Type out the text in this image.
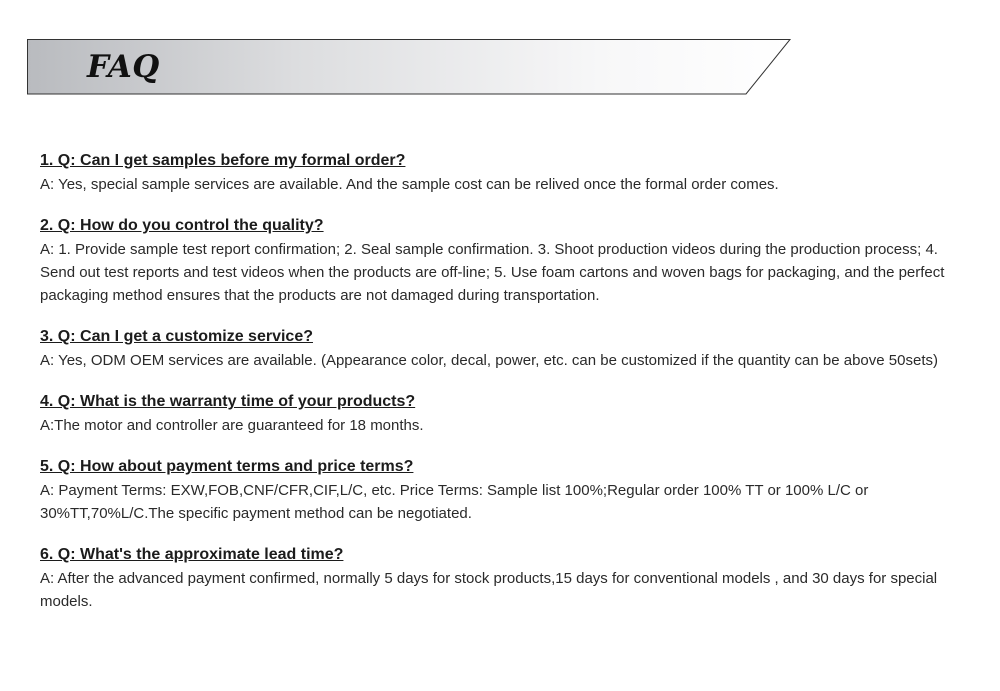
FAQ
1. Q: Can I get samples before my formal order?

A: Yes, special sample services are available. And the sample cost can be relived once the formal order comes.

2. Q: How do you control the quality?

A: 1. Provide sample test report confirmation; 2. Seal sample confirmation. 3. Shoot production videos during the production process; 4. Send out test reports and test videos when the products are off-line; 5. Use foam cartons and woven bags for packaging, and the perfect packaging method ensures that the products are not damaged during transportation.

3. Q: Can I get a customize service?

A: Yes, ODM OEM services are available. (Appearance color, decal, power, etc. can be customized if the quantity can be above 50sets)

4. Q: What is the warranty time of your products?

A:The motor and controller are guaranteed for 18 months.

5. Q: How about payment terms and price terms?

A: Payment Terms: EXW,FOB,CNF/CFR,CIF,L/C, etc. Price Terms: Sample list 100%;Regular order 100% TT or 100% L/C or 30%TT,70%L/C.The specific payment method can be negotiated.

6. Q: What's the approximate lead time?

A: After the advanced payment confirmed, normally 5 days for stock products,15 days for conventional models , and 30 days for special models.
